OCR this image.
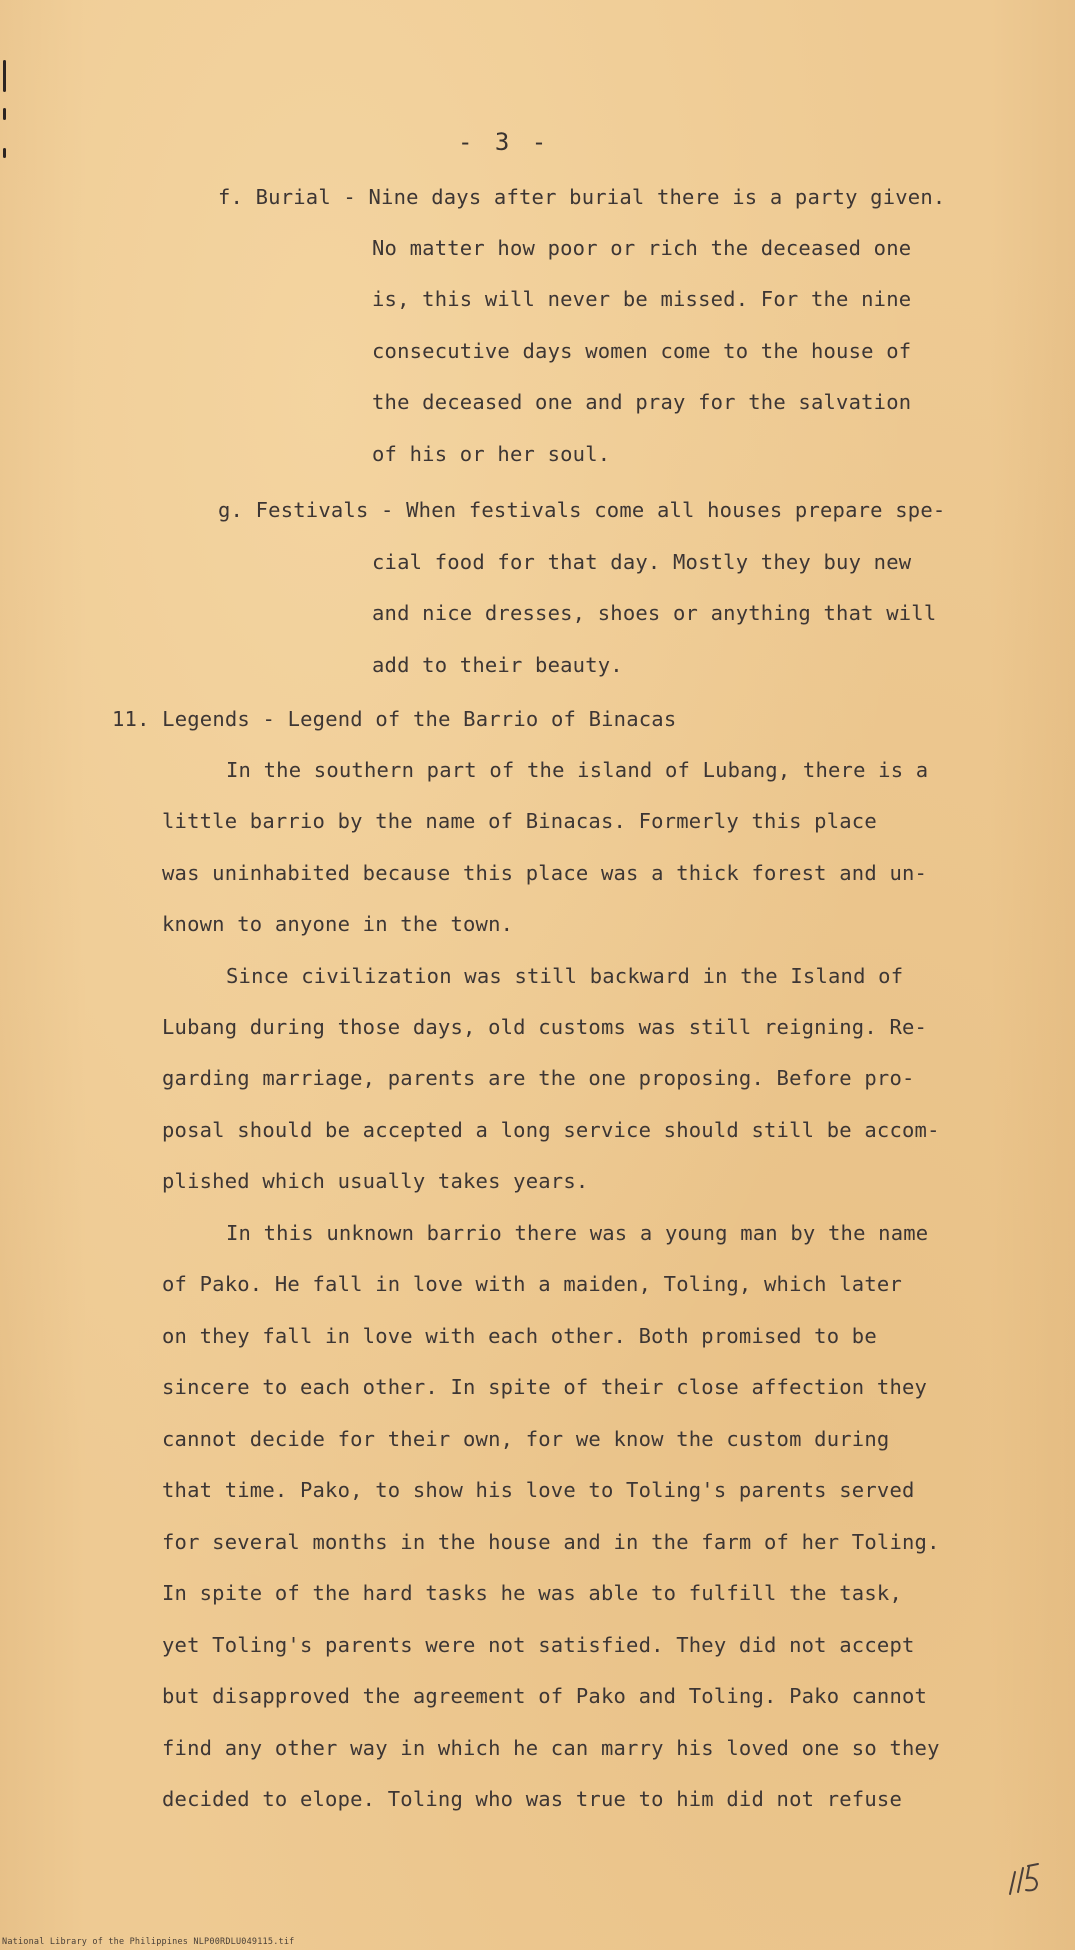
- 3 -
f. Burial - Nine days after burial there is a party given.
No matter how poor or rich the deceased one
is, this will never be missed. For the nine
consecutive days women come to the house of
the deceased one and pray for the salvation
of his or her soul.
g. Festivals - When festivals come all houses prepare spe-
cial food for that day. Mostly they buy new
and nice dresses, shoes or anything that will
add to their beauty.
11. Legends - Legend of the Barrio of Binacas
In the southern part of the island of Lubang, there is a
little barrio by the name of Binacas. Formerly this place
was uninhabited because this place was a thick forest and un-
known to anyone in the town.
Since civilization was still backward in the Island of
Lubang during those days, old customs was still reigning. Re-
garding marriage, parents are the one proposing. Before pro-
posal should be accepted a long service should still be accom-
plished which usually takes years.
In this unknown barrio there was a young man by the name
of Pako. He fall in love with a maiden, Toling, which later
on they fall in love with each other. Both promised to be
sincere to each other. In spite of their close affection they
cannot decide for their own, for we know the custom during
that time. Pako, to show his love to Toling's parents served
for several months in the house and in the farm of her Toling.
In spite of the hard tasks he was able to fulfill the task,
yet Toling's parents were not satisfied. They did not accept
but disapproved the agreement of Pako and Toling. Pako cannot
find any other way in which he can marry his loved one so they
decided to elope. Toling who was true to him did not refuse
National Library of the Philippines NLP00RDLU049115.tif
